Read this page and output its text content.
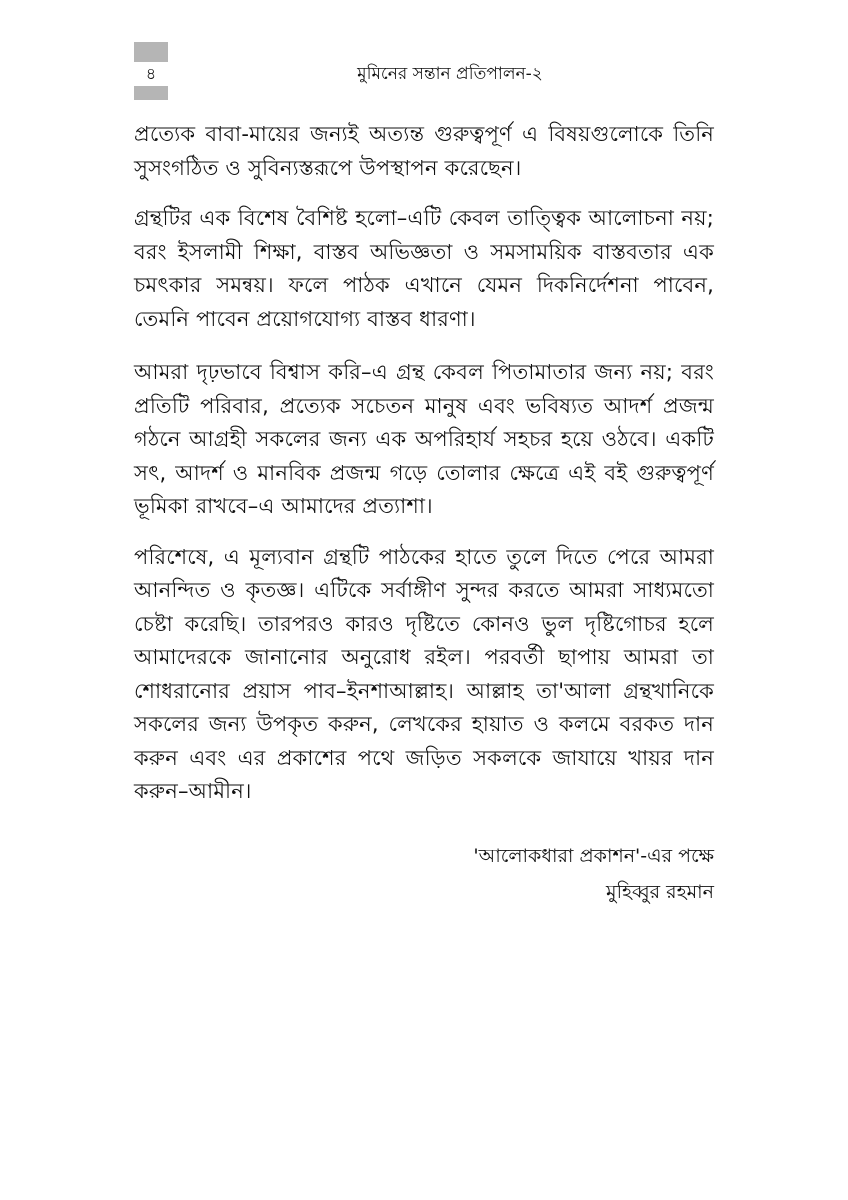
৪	মুমিনের সন্তান প্রতিপালন-২

প্রত্যেক বাবা-মায়ের জন্যই অত্যন্ত গুরুত্বপূর্ণ এ বিষয়গুলোকে তিনি সুসংগঠিত ও সুবিন্যস্তরূপে উপস্থাপন করেছেন।

গ্রন্থটির এক বিশেষ বৈশিষ্ট হলো–এটি কেবল তাত্ত্বিক আলোচনা নয়; বরং ইসলামী শিক্ষা, বাস্তব অভিজ্ঞতা ও সমসাময়িক বাস্তবতার এক চমৎকার সমন্বয়। ফলে পাঠক এখানে যেমন দিকনির্দেশনা পাবেন, তেমনি পাবেন প্রয়োগযোগ্য বাস্তব ধারণা।

আমরা দৃঢ়ভাবে বিশ্বাস করি–এ গ্রন্থ কেবল পিতামাতার জন্য নয়; বরং প্রতিটি পরিবার, প্রত্যেক সচেতন মানুষ এবং ভবিষ্যত আদর্শ প্রজন্ম গঠনে আগ্রহী সকলের জন্য এক অপরিহার্য সহচর হয়ে ওঠবে। একটি সৎ, আদর্শ ও মানবিক প্রজন্ম গড়ে তোলার ক্ষেত্রে এই বই গুরুত্বপূর্ণ ভূমিকা রাখবে–এ আমাদের প্রত্যাশা।

পরিশেষে, এ মূল্যবান গ্রন্থটি পাঠকের হাতে তুলে দিতে পেরে আমরা আনন্দিত ও কৃতজ্ঞ। এটিকে সর্বাঙ্গীণ সুন্দর করতে আমরা সাধ্যমতো চেষ্টা করেছি। তারপরও কারও দৃষ্টিতে কোনও ভুল দৃষ্টিগোচর হলে আমাদেরকে জানানোর অনুরোধ রইল। পরবর্তী ছাপায় আমরা তা শোধরানোর প্রয়াস পাব–ইনশাআল্লাহ। আল্লাহ তা'আলা গ্রন্থখানিকে সকলের জন্য উপকৃত করুন, লেখকের হায়াত ও কলমে বরকত দান করুন এবং এর প্রকাশের পথে জড়িত সকলকে জাযায়ে খায়র দান করুন–আমীন।

'আলোকধারা প্রকাশন'-এর পক্ষে
মুহিব্বুর রহমান
